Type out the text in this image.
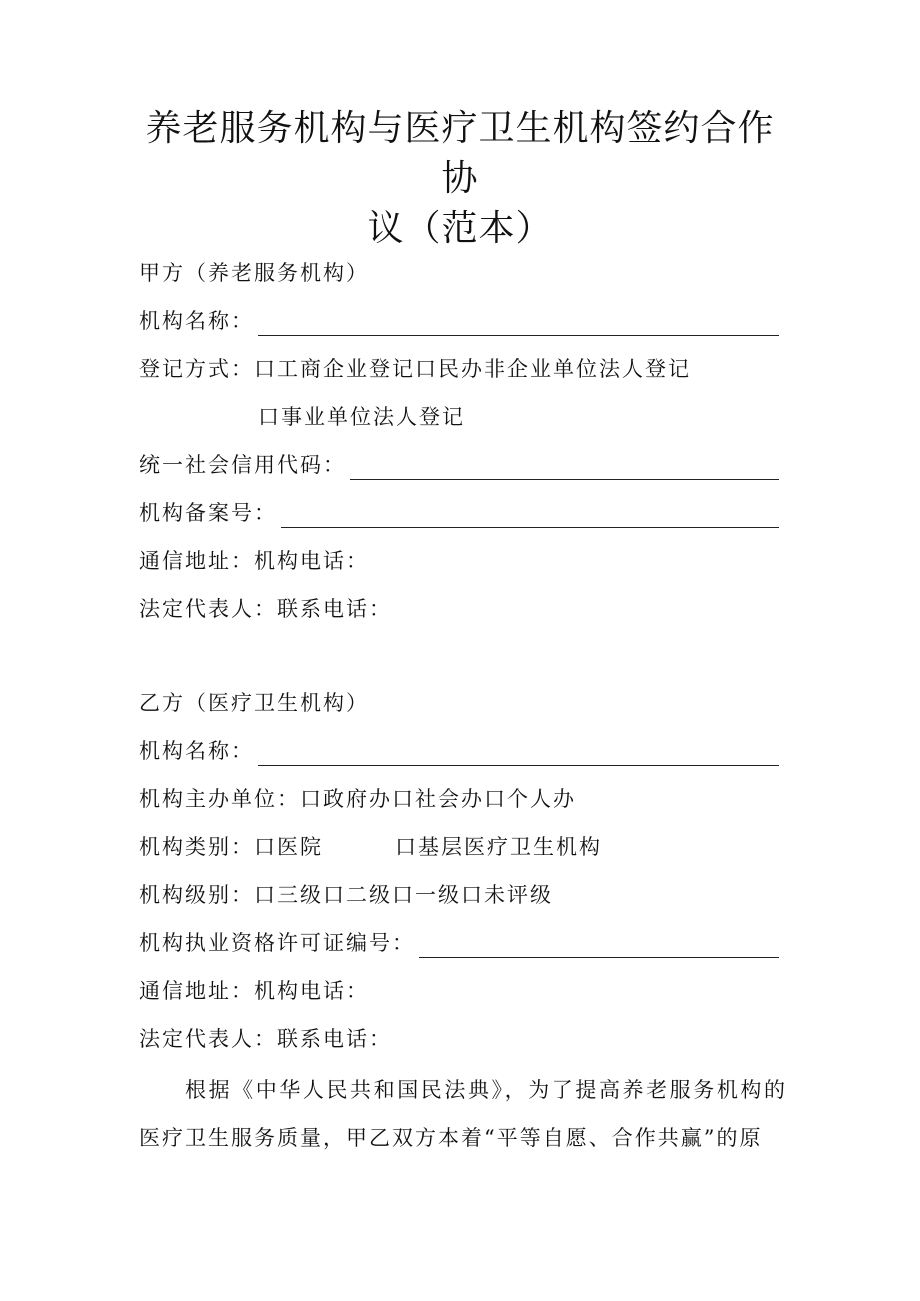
养老服务机构与医疗卫生机构签约合作协
议（范本）
甲方（养老服务机构）
机构名称：
登记方式：口工商企业登记口民办非企业单位法人登记
口事业单位法人登记
统一社会信用代码：
机构备案号：
通信地址：机构电话：
法定代表人：联系电话：
乙方（医疗卫生机构）
机构名称：
机构主办单位：口政府办口社会办口个人办
机构类别：口医院	口基层医疗卫生机构
机构级别：口三级口二级口一级口未评级
机构执业资格许可证编号：
通信地址：机构电话：
法定代表人：联系电话：
根据《中华人民共和国民法典》，为了提高养老服务机构的医疗卫生服务质量，甲乙双方本着“平等自愿、合作共赢”的原
